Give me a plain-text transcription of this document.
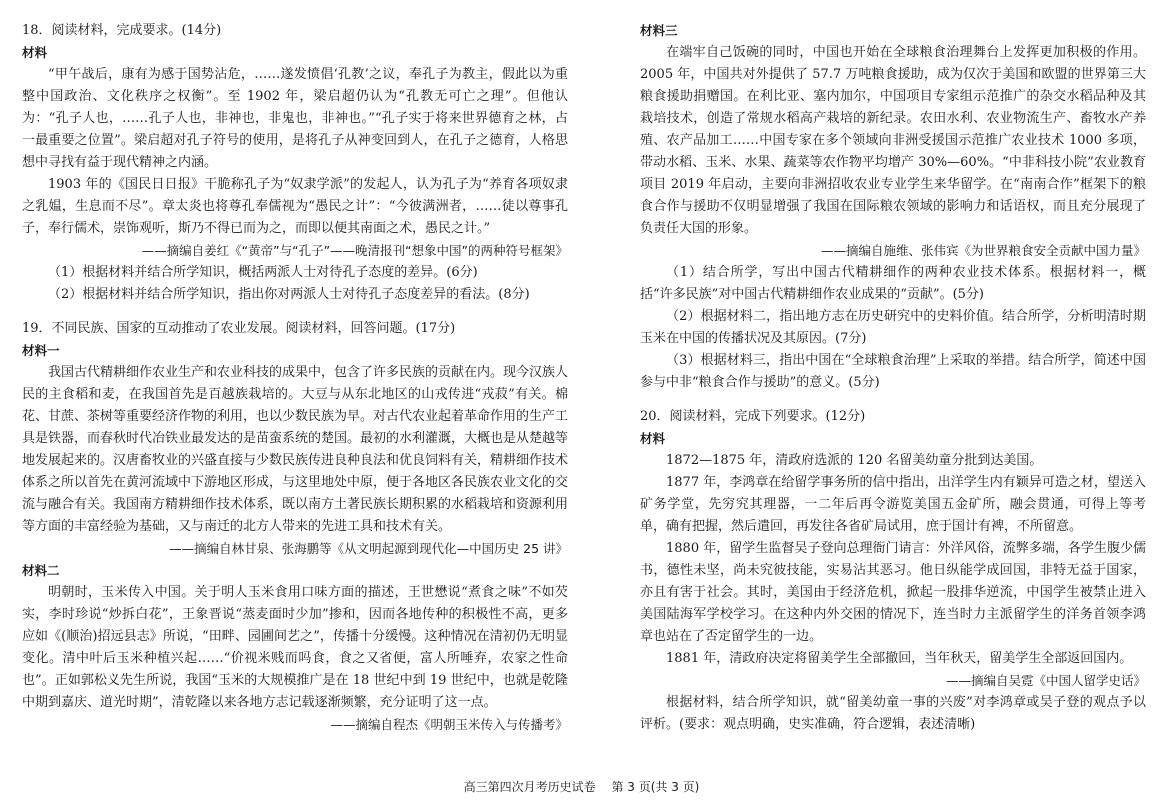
18．阅读材料，完成要求。(14分)

材料

“甲午战后，康有为感于国势沾危，……遂发愤倡‘孔教’之议，奉孔子为教主，假此以为重整中国政治、文化秩序之权衡”。至 1902 年，梁启超仍认为“孔教无可亡之理”。但他认为：“孔子人也，……孔子人也，非神也，非鬼也，非神也。”“孔子实于将来世界德育之林，占一最重要之位置”。梁启超对孔子符号的使用，是将孔子从神变回到人，在孔子之德育，人格思想中寻找有益于现代精神之内涵。

1903 年的《国民日日报》干脆称孔子为“奴隶学派”的发起人，认为孔子为“养育各项奴隶之乳媪，生息而不尽”。章太炎也将尊孔奉儒视为“愚民之计”：“今彼满洲者，……徒以尊事孔子，奉行儒术，崇饰观听，斯乃不得已而为之，而即以便其南面之术，愚民之计。”

——摘编自姜红《“黄帝”与“孔子”——晚清报刊“想象中国”的两种符号框架》

（1）根据材料并结合所学知识，概括两派人士对待孔子态度的差异。(6分)

（2）根据材料并结合所学知识，指出你对两派人士对待孔子态度差异的看法。(8分)

19．不同民族、国家的互动推动了农业发展。阅读材料，回答问题。(17分)

材料一

我国古代精耕细作农业生产和农业科技的成果中，包含了许多民族的贡献在内。现今汉族人民的主食稻和麦，在我国首先是百越族栽培的。大豆与从东北地区的山戎传进“戎菽”有关。棉花、甘蔗、茶树等重要经济作物的利用，也以少数民族为早。对古代农业起着革命作用的生产工具是铁器，而春秋时代冶铁业最发达的是苗蛮系统的楚国。最初的水利灌溉，大概也是从楚越等地发展起来的。汉唐畜牧业的兴盛直接与少数民族传进良种良法和优良饲料有关，精耕细作技术体系之所以首先在黄河流域中下游地区形成，与这里地处中原，便于各地区各民族农业文化的交流与融合有关。我国南方精耕细作技术体系，既以南方土著民族长期积累的水稻栽培和资源利用等方面的丰富经验为基础，又与南迁的北方人带来的先进工具和技术有关。

——摘编自林甘泉、张海鹏等《从文明起源到现代化—中国历史 25 讲》

材料二

明朝时，玉米传入中国。关于明人玉米食用口味方面的描述，王世懋说“煮食之味”不如芡实，李时珍说“炒拆白花”，王象晋说“蒸麦面时少加”掺和，因而各地传种的积极性不高，更多应如《(顺治)招远县志》所说，“田畔、园圃间艺之”，传播十分缓慢。这种情况在清初仍无明显变化。清中叶后玉米种植兴起……“价视米贱而吗食，食之又省便，富人所唾弃，农家之性命也”。正如郭松义先生所说，我国“玉米的大规模推广是在 18 世纪中到 19 世纪中，也就是乾隆中期到嘉庆、道光时期”，清乾隆以来各地方志记载逐渐频繁，充分证明了这一点。

——摘编自程杰《明朝玉米传入与传播考》

材料三

在端牢自己饭碗的同时，中国也开始在全球粮食治理舞台上发挥更加积极的作用。2005 年，中国共对外提供了 57.7 万吨粮食援助，成为仅次于美国和欧盟的世界第三大粮食援助捐赠国。在利比亚、塞内加尔，中国项目专家组示范推广的杂交水稻品种及其栽培技术，创造了常规水稻高产栽培的新纪录。农田水利、农业物流生产、畜牧水产养殖、农产品加工……中国专家在多个领域向非洲受援国示范推广农业技术 1000 多项，带动水稻、玉米、水果、蔬菜等农作物平均增产 30%—60%。“中非科技小院”农业教育项目 2019 年启动，主要向非洲招收农业专业学生来华留学。在“南南合作”框架下的粮食合作与援助不仅明显增强了我国在国际粮农领域的影响力和话语权，而且充分展现了负责任大国的形象。

——摘编自施维、张伟宾《为世界粮食安全贡献中国力量》

（1）结合所学，写出中国古代精耕细作的两种农业技术体系。根据材料一，概括“许多民族”对中国古代精耕细作农业成果的“贡献”。(5分)

（2）根据材料二，指出地方志在历史研究中的史料价值。结合所学，分析明清时期玉米在中国的传播状况及其原因。(7分)

（3）根据材料三，指出中国在“全球粮食治理”上采取的举措。结合所学，简述中国参与中非“粮食合作与援助”的意义。(5分)

20．阅读材料，完成下列要求。(12分)

材料

1872—1875 年，清政府选派的 120 名留美幼童分批到达美国。

1877 年，李鸿章在给留学事务所的信中指出，出洋学生内有颖异可造之材，望送入矿务学堂，先穷究其理器，一二年后再令游览美国五金矿所，融会贯通，可得上等考单，确有把握，然后遣回，再发往各省矿局试用，庶于国计有裨，不所留意。

1880 年，留学生监督吴子登向总理衙门请言：外洋风俗，流弊多端，各学生腹少儒书，德性未坚，尚未究彼技能，实易沾其恶习。他日纵能学成回国，非特无益于国家，亦且有害于社会。其时，美国由于经济危机，掀起一股排华逆流，中国学生被禁止进入美国陆海军学校学习。在这种内外交困的情况下，连当时力主派留学生的洋务首领李鸿章也站在了否定留学生的一边。

1881 年，清政府决定将留美学生全部撤回，当年秋天，留美学生全部返回国内。

——摘编自吴霓《中国人留学史话》

根据材料，结合所学知识，就“留美幼童一事的兴废”对李鸿章或吴子登的观点予以评析。(要求：观点明确，史实准确，符合逻辑，表述清晰)

高三第四次月考历史试卷 第 3 页(共 3 页)
